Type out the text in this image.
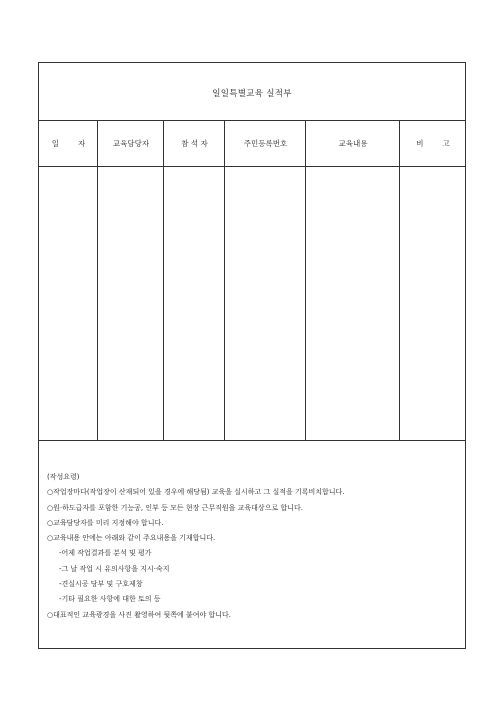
일일특별교육 실적부
일        자	교육담당자	참 석 자	주민등록번호	교육내용	비        고
(작성요령)
○작업장마다(작업장이 산재되어 있을 경우에 해당됨) 교육을 실시하고 그 실적을 기록비치합니다.
○원·하도급자를 포함한 기능공, 인부 등 모든 현장 근무직원을 교육대상으로 합니다.
○교육담당자를 미리 지정해야 합니다.
○교육내용 안에는 아래와 같이 주요내용을 기재합니다.
-어제 작업결과를 분석 및 평가
-그 날 작업 시 유의사항을 지시·숙지
-견실시공 당부 및 구호제창
-기타 필요한 사항에 대한 토의 등
○대표적인 교육광경을 사진 촬영하여 뒷쪽에 붙여야 합니다.
